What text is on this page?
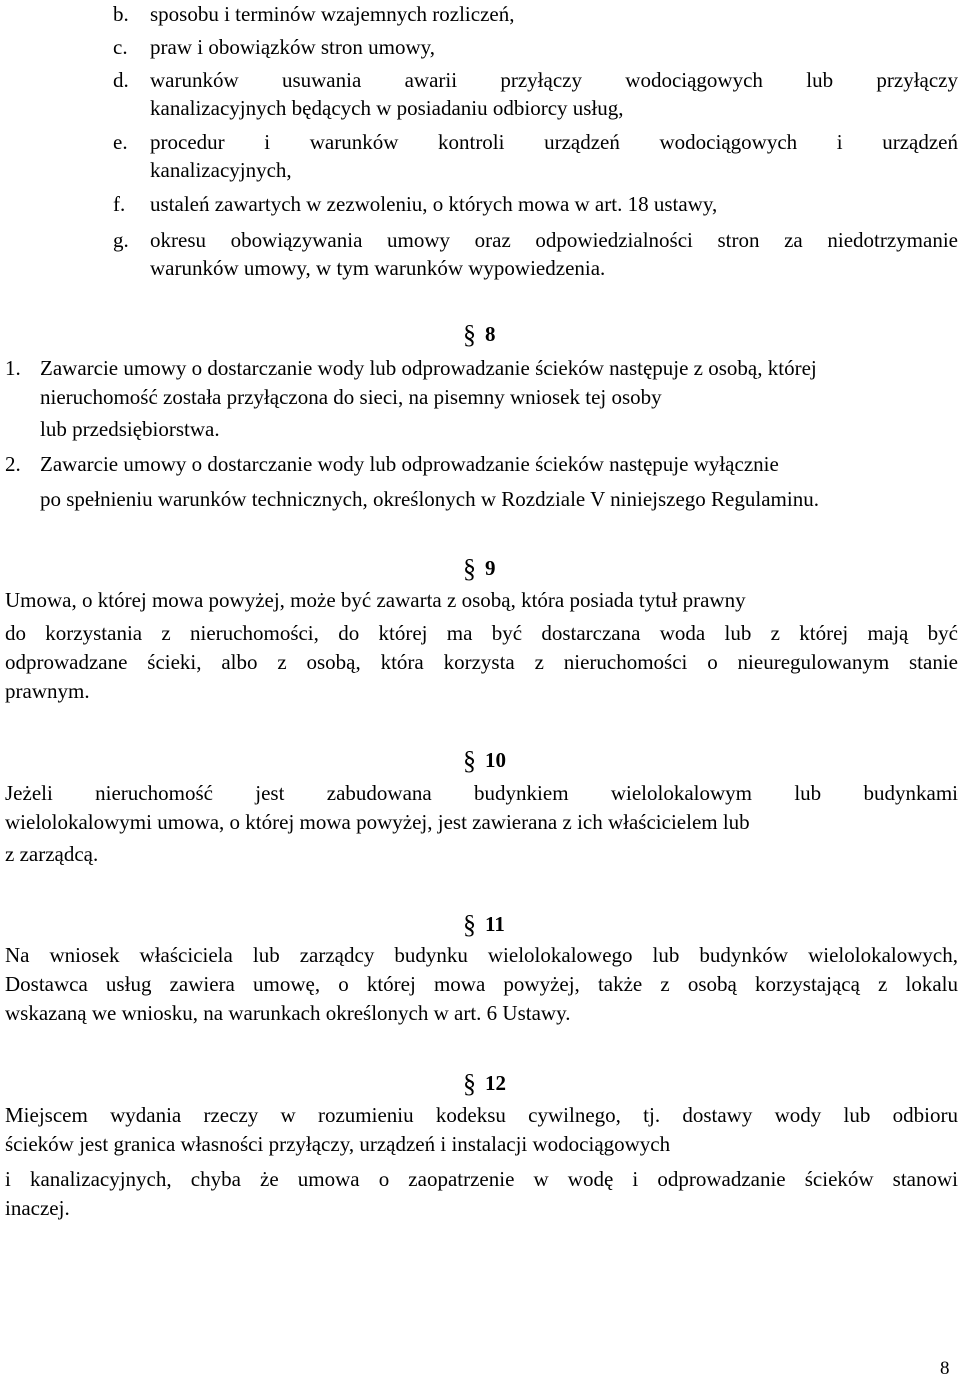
b. sposobu i terminów wzajemnych rozliczeń,
c. praw i obowiązków stron umowy,
d. warunków usuwania awarii przyłączy wodociągowych lub przyłączy
kanalizacyjnych będących w posiadaniu odbiorcy usług,
e. procedur i warunków kontroli urządzeń wodociągowych i urządzeń
kanalizacyjnych,
f. ustaleń zawartych w zezwoleniu, o których mowa w art. 18 ustawy,
g. okresu obowiązywania umowy oraz odpowiedzialności stron za niedotrzymanie
warunków umowy, w tym warunków wypowiedzenia.
§ 8
1. Zawarcie umowy o dostarczanie wody lub odprowadzanie ścieków następuje z osobą, której
nieruchomość została przyłączona do sieci, na pisemny wniosek tej osoby
lub przedsiębiorstwa.
2. Zawarcie umowy o dostarczanie wody lub odprowadzanie ścieków następuje wyłącznie
po spełnieniu warunków technicznych, określonych w Rozdziale V niniejszego Regulaminu.
§ 9
Umowa, o której mowa powyżej, może być zawarta z osobą, która posiada tytuł prawny
do korzystania z nieruchomości, do której ma być dostarczana woda lub z której mają być
odprowadzane ścieki, albo z osobą, która korzysta z nieruchomości o nieuregulowanym stanie
prawnym.
§ 10
Jeżeli nieruchomość jest zabudowana budynkiem wielolokalowym lub budynkami
wielolokalowymi umowa, o której mowa powyżej, jest zawierana z ich właścicielem lub
z zarządcą.
§ 11
Na wniosek właściciela lub zarządcy budynku wielolokalowego lub budynków wielolokalowych,
Dostawca usług zawiera umowę, o której mowa powyżej, także z osobą korzystającą z lokalu
wskazaną we wniosku, na warunkach określonych w art. 6 Ustawy.
§ 12
Miejscem wydania rzeczy w rozumieniu kodeksu cywilnego, tj. dostawy wody lub odbioru
ścieków jest granica własności przyłączy, urządzeń i instalacji wodociągowych
i kanalizacyjnych, chyba że umowa o zaopatrzenie w wodę i odprowadzanie ścieków stanowi
inaczej.
8
